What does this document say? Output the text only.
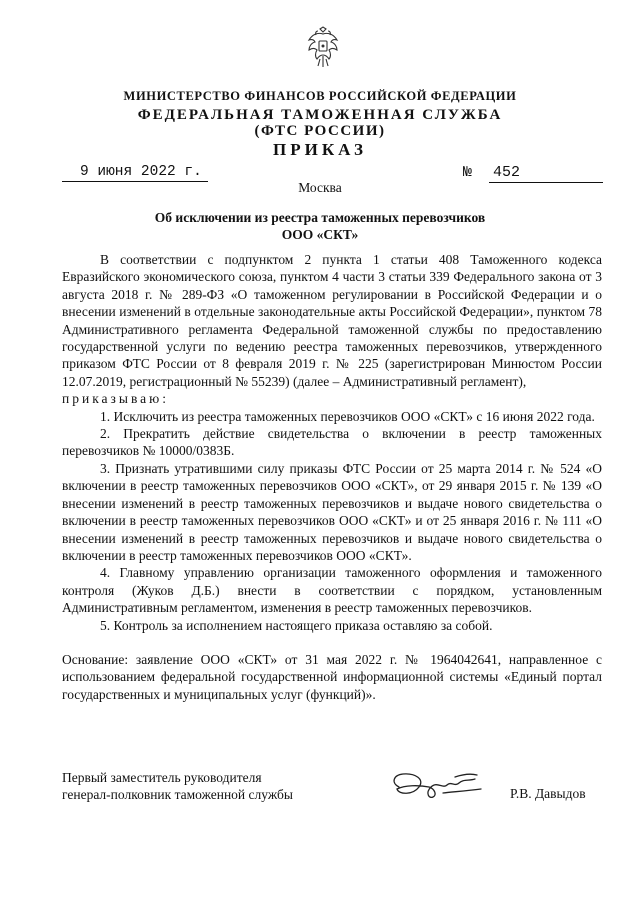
МИНИСТЕРСТВО ФИНАНСОВ РОССИЙСКОЙ ФЕДЕРАЦИИ
ФЕДЕРАЛЬНАЯ ТАМОЖЕННАЯ СЛУЖБА
(ФТС РОССИИ)
ПРИКАЗ
9 июня 2022 г.	№ 452
Москва
Об исключении из реестра таможенных перевозчиков
ООО «СКТ»

В соответствии с подпунктом 2 пункта 1 статьи 408 Таможенного кодекса Евразийского экономического союза, пунктом 4 части 3 статьи 339 Федерального закона от 3 августа 2018 г. № 289-ФЗ «О таможенном регулировании в Российской Федерации и о внесении изменений в отдельные законодательные акты Российской Федерации», пунктом 78 Административного регламента Федеральной таможенной службы по предоставлению государственной услуги по ведению реестра таможенных перевозчиков, утвержденного приказом ФТС России от 8 февраля 2019 г. № 225 (зарегистрирован Минюстом России 12.07.2019, регистрационный № 55239) (далее – Административный регламент),
приказываю:

1. Исключить из реестра таможенных перевозчиков ООО «СКТ» с 16 июня 2022 года.

2. Прекратить действие свидетельства о включении в реестр таможенных перевозчиков № 10000/0383Б.

3. Признать утратившими силу приказы ФТС России от 25 марта 2014 г. № 524 «О включении в реестр таможенных перевозчиков ООО «СКТ», от 29 января 2015 г. № 139 «О внесении изменений в реестр таможенных перевозчиков и выдаче нового свидетельства о включении в реестр таможенных перевозчиков ООО «СКТ» и от 25 января 2016 г. № 111 «О внесении изменений в реестр таможенных перевозчиков и выдаче нового свидетельства о включении в реестр таможенных перевозчиков ООО «СКТ».

4. Главному управлению организации таможенного оформления и таможенного контроля (Жуков Д.Б.) внести в соответствии с порядком, установленным Административным регламентом, изменения в реестр таможенных перевозчиков.

5. Контроль за исполнением настоящего приказа оставляю за собой.

Основание: заявление ООО «СКТ» от 31 мая 2022 г. № 1964042641, направленное с использованием федеральной государственной информационной системы «Единый портал государственных и муниципальных услуг (функций)».

Первый заместитель руководителя
генерал-полковник таможенной службы	Р.В. Давыдов
